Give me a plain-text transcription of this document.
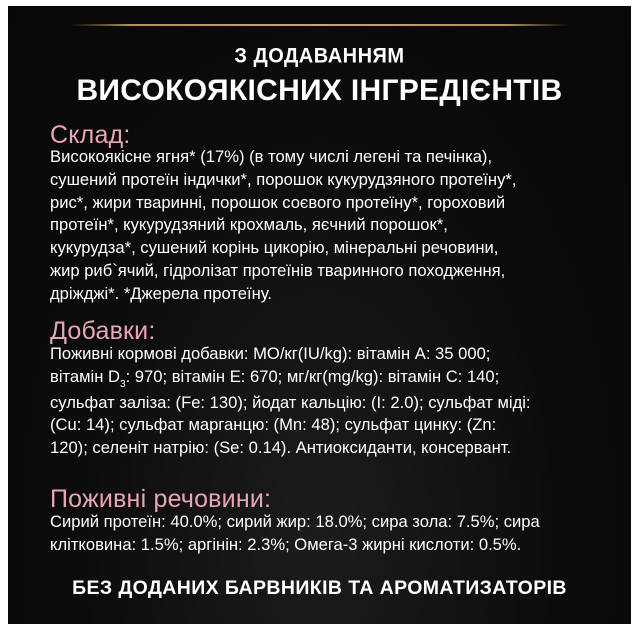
З ДОДАВАННЯМ
ВИСОКОЯКІСНИХ ІНГРЕДІЄНТІВ
Склад:
Високоякісне ягня* (17%) (в тому числі легені та печінка),
сушений протеїн індички*, порошок кукурудзяного протеїну*,
рис*, жири тваринні, порошок соєвого протеїну*, гороховий
протеїн*, кукурудзяний крохмаль, яєчний порошок*,
кукурудза*, сушений корінь цикорію, мінеральні речовини,
жир риб`ячий, гідролізат протеїнів тваринного походження,
дріжджі*. *Джерела протеїну.
Добавки:
Поживні кормові добавки: МО/кг(IU/kg): вітамін А: 35 000;
вітамін $D_3$: 970; вітамін Е: 670; мг/кг(mg/kg): вітамін С: 140;
сульфат заліза: (Fe: 130); йодат кальцію: (I: 2.0); сульфат міді:
(Cu: 14); сульфат марганцю: (Mn: 48); сульфат цинку: (Zn:
120); селеніт натрію: (Se: 0.14). Антиоксиданти, консервант.
Поживні речовини:
Сирий протеїн: 40.0%; сирий жир: 18.0%; сира зола: 7.5%; сира
клітковина: 1.5%; аргінін: 2.3%; Омега-3 жирні кислоти: 0.5%.
БЕЗ ДОДАНИХ БАРВНИКІВ ТА АРОМАТИЗАТОРІВ
